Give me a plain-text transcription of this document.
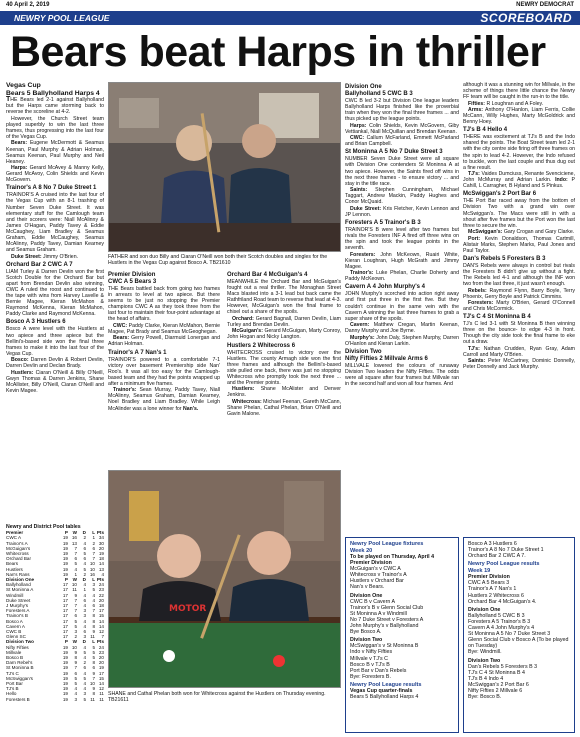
40 April 2, 2019	NEWRY DEMOCRAT
NEWRY POOL LEAGUE	SCOREBOARD
Bears beat Harps in thriller
Vegas Cup
Bears 5 Ballyholland Harps 4

THE Bears led 2-1 against Ballyholland but the Harps came storming back to reverse the scoreline at 4-2.

However, the Church Street team played superbly to win the last three frames, thus progressing into the last four of the Vegas Cup.

Bears: Eugene McDermott & Seamus Keenan, Paul Murphy & Adrian Holman, Seamus Keenan, Paul Murphy and Neil Heaney.

Harps: Gerard McAvey & Manny Kelly, Gerard McAvoy, Colin Shields and Kevin McGovern.

Trainor's A 8 No 7 Duke Street 1

TRAINOR'S A cruised into the last four of the Vegas Cup with an 8-1 trashing of Number Seven Duke Street. It was elementary stuff for the Camlough team and their scorers were: Niall McAlinny & James O'Hagan, Paddy Tavey & Eddie McCaughey, Liam Bradley & Seamus Graham, Eddie McCaughey, Seamus McAlinny, Paddy Tavey, Damian Kearney and Seamus Graham.

Duke Street: Jimmy O'Brien.

Orchard Bar 2 CWC A 7

LIAM Turley & Darren Devlin won the first Scotch Double for the Orchard Bar but apart from Brendan Devlin also winning, CWC A ruled the roost and continued to the tape with wins from Harvey Lavelle & Bernie Magee, Kieran McMahon & Raymond McKenna, Kieran McMahon, Paddy Clarke and Raymond McKenna.

Bosco A 3 Hustlers 6

Bosco A were level with the Hustlers at two apiece and three apiece but the Bellini's-based side won the final three frames to make it into the last four of the Vegas Cup.

Bosco: Darren Devlin & Robert Devlin, Darren Devlin and Declan Brady.

Hustlers: Ciaran O'Neill & Billy O'Neill, Gwyn Thomas & Darren Jenkins, Shane McAllister, Billy O'Neill, Ciaran O'Neill and Kevin Magee.

Newry and District Pool tables
Premier	P	W	D	L	Pts
CWC A	19	16	2	1	34
Trainor's A	19	13	4	2	30
McGuigan's	19	7	6	6	20
Whitecross	19	7	5	7	19
Orchard Bar	19	6	6	7	18
Bears	19	5	4	10	14
Hustlers	19	4	5	10	13
Nan's Rans	19	1	2	16	4
Division One	P	W	D	L	Pts
Ballyholland	17	10	4	3	24
St Moninna A	17	11	1	5	23
Windmill	17	9	4	4	22
Duke Street	17	7	6	4	20
J Murphy's	17	7	4	6	18
Foresters A	17	7	3	7	17
Trainor's B	17	6	3	8	15
Bosco A	17	5	4	8	14
Cavern A	17	5	4	8	14
CWC B	17	3	6	9	12
Glenn SC	17	2	3	11	7
Division Two	P	W	D	L	Pts
Nifty Fifties	19	10	4	5	24
Millvale	19	9	5	5	23
Bosco B	19	8	4	5	20
Darn Rebel's	19	9	2	8	20
St Moninna B	19	7	6	6	19
TJ's C	19	6	4	9	17
McSwiggan's	19	5	5	7	15
Port Bar	19	5	4	10	14
TJ's B	19	4	4	9	12
Hello	19	4	3	8	11
Foresters B	19	3	5	11	11
FATHER and son duo Billy and Ciaran O'Neill won both their Scotch doubles and singles for the Hustlers in the Vegas Cup against Bosco A. TB21610
Premier Division
CWC A 5 Bears 3

THE Bears battled back from going two frames in arrears to level at two apiece. But there seems to be just no stopping the Premier champions CWC A as they took three from the last four to maintain their four-point advantage at the head of affairs.

CWC: Paddy Clarke, Kieran McMahon, Bernie Magee, Pat Brady and Seamus McGeoghegan.

Bears: Gerry Powell, Diarmuid Lonergan and Adrian Holman.

Trainor's A 7 Nan's 1

TRAINOR'S powered to a comfortable 7-1 victory over basement Premiership side Nan' Roo's. It was all too easy for the Camlough-based team and they had the points wrapped up after a minimum five frames.

Trainor's: Sean Murray, Paddy Tavey, Niall McAlinny, Seamus Graham, Damian Kearney, Noel Bradley and Liam Bradley. While Leigh McAlinder was a lone winner for Nan's.

Orchard Bar 4 McGuigan's 4

MEANWHILE the Orchard Bar and McGuigan's fought out a real thriller. The Monaghan Street Macs blasted into a 3-1 lead but back came the Rathfriland Road team to reverse that lead at 4-3. However, McGuigan's won the final frame to chisel out a share of the spoils.

Orchard: Gerard Bagnall, Darren Devlin, Liam Turley and Brendan Devlin.

McGuigan's: Gerard McGuigan, Marty Conroy, John Hogan and Nicky Langton.

Hustlers 2 Whitecross 6

WHITECROSS cruised to victory over the Hustlers. The county Armagh side won the first three frames and although the Bellini's-based side pulled one back, there was just no stopping Whitecross who promptly took the next three ... and the Premier points.

Hustlers: Shane McAlister and Denver Jenkins.

Whitecross: Michael Feenan, Gareth McCann, Shane Phelan, Cathal Phelan, Brian O'Neill and Gavin Malone.

MOTOR
SHANE and Cathal Phelan both won for Whitecross against the Hustlers on Thursday evening. TB21611
Division One
Ballyholland 5 CWC B 3

CWC B led 3-2 but Division One league leaders Ballyholland Harps finished like the proverbial train when they won the final three frames ... and thus picked up the league points.

Harps: Colin Shields, Kevin McGovern, Giby Vettiankal, Niall McQuillan and Brendan Keenan.

CWC: Callum McFarland, Emmett McParland and Brian Campbell.

St Moninna A 5 No 7 Duke Street 3

NUMBER Seven Duke Street were all square with Division One contenders St Moninna A at two apiece. However, the Saints fired off wins in the next three frames - to ensure victory ... and stay in the title race.

Saints: Stephen Cunningham, Michael Taggart, Andrew Mackin, Paddy Hughes and Conor McQuaid.

Duke Street: Kris Fletcher, Kevin Lennon and JP Lennon.

Foresters A 5 Trainor's B 3

TRAINOR'S B were level after two frames but rivals the Foresters INF A fired off three wins on the spin and took the league points in the seventh.

Foresters: John McKeown, Ruairi White, Kieran Loughran, Hugh McGrath and Jimmy Magee.

Trainor's: Luke Phelan, Charlie Doherty and Paddy McKeown.

Cavern A 4 John Murphy's 4

JOHN Murphy's scorched into action right away and first put three in the first five. But they couldn't continue in the same vein with the Cavern A winning the last three frames to grab a super share of the spoils.

Cavern: Matthew Cregan, Martin Keenan, Danny Murphy and Joe Byrne.

Murphy's: John Daly, Stephen Murphy, Darren O'Hanlon and Kieran Larkin.

Division Two
Nifty Fifties 2 Millvale Arms 6

MILLVALE lowered the colours of runaway Division Two leaders the Nifty Fifties. The odds were all square after four frames but Millvale ran in the second half and won all four frames. And

although it was a stunning win for Millvale, in the scheme of things there little chance the Newry FF team will be caught in the run-in to the title.

Fifties: R Loughran and A Foley.

Arms: Anthony O'Hanlon, Liam Ferris, Collie McCann, Willy Hughes, Marty McGoldrick and Benny Hoey.

TJ's B 4 Hello 4

THERE was excitement at TJ's B and the Indo shared the points. The Boat Street team led 2-1 with the city centre side firing off three frames on the spin to lead 4-2. However, the Indo refused to buckle, won the last couple and thus dug out a fine result.

TJ's: Vaides Dumciuss, Renante Svenciciene, John McMurray and Adrian Larkin. Indo: P Cahill, L Carragher, B Hyland and S Pinkus.

McSwiggan's 2 Port Bar 6

THE Port Bar raced away from the bottom of Division Two with a grand win over McSwiggan's. The Macs were still in with a shout after five frames but the Port won the last three to secure the win.

McSwiggan's: Gary Crogan and Gary Clarke.

Port: Kevin Donaldson, Thomas Cartmill, Alistair Marks, Stephen Marks, Paul Jones and Paul Taylor.

Dan's Rebels 5 Foresters B 3

DAN'S Rebels were always in control but rivals the Foresters B didn't give up without a fight. The Rebels led 4-1 and although the INF won two from the last three, it just wasn't enough.

Rebels: Raymond Flynn, Barry Boyle, Terry Phoenix, Gerry Boyle and Patrick Cimmins.

Foresters: Marty O'Brien, Gerard O'Connell and Chris McCormick.

TJ's C 4 St Moninna B 4

TJ's C led 3-1 with St Moninna B then winning three on the bounce- to edge 4-3 in front. Though the city side took the final frame to eke out a draw.

TJ's: Nathan Crudden, Ryan Gray, Adam Carroll and Marty O'Brien.

Saints: Peter McCartney, Dominic Donnelly, Peter Donnelly and Jack Murphy.

Newry Pool League fixtures
Week 20
To be played on Thursday, April 4
Premier Division
McGuigan's v CWC A
Whitecross v Trainor's A
Hustlers v Orchard Bar
Nan's v Bears.
Division One
CWC B v Cavern A
Trainor's B v Glenn Social Club
St Moninna A v Windmill
No 7 Duke Street v Foresters A
John Murphy's v Ballyholland
Bye Bosco A.
Division Two
McSwiggan's v St Moninna B
Indo v Nifty Fifties
Millvale v TJ's C
Bosco B v TJ's B
Port Bar v Dan's Rebels
Bye: Foresters B.
Newry Pool League results
Vegas Cup quarter-finals
Bears 5 Ballyholland Harps 4
Bosco A 3 Hustlers 6
Trainor's A 8 No 7 Duke Street 1
Orchard Bar 2 CWC A 7.
Newry Pool League results
Week 19
Premier Division
CWC A 5 Bears 3
Trainor's A 7 Nan's 1
Hustlers 2 Whitecross 6
Orchard Bar 4 McGuigan's 4.
Division One
Ballyholland 5 CWC B 3
Foresters A 5 Trainor's B 3
Cavern A 4 John Murphy's 4
St Moninna A 5 No 7 Duke Street 3
Glenn Social Club v Bosco A (To be played on Tuesday)
Bye: Windmill.
Division Two
Dan's Rebels 5 Foresters B 3
TJ's C 4 St Moninna B 4
TJ's B 4 Indo 4
McSwiggan's 2 Port Bar 6
Nifty Fifties 2 Millvale 6
Bye: Bosco B.
